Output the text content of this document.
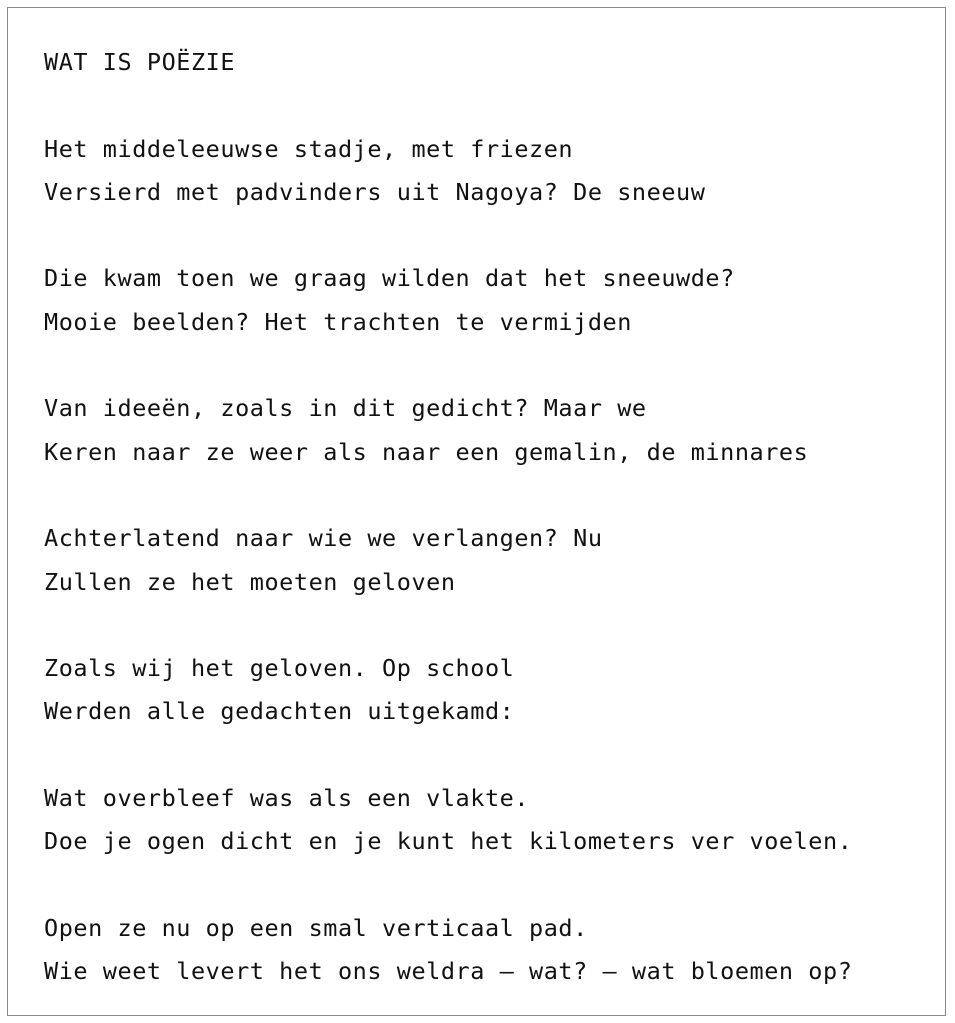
WAT IS POËZIE
Het middeleeuwse stadje, met friezen
Versierd met padvinders uit Nagoya? De sneeuw
Die kwam toen we graag wilden dat het sneeuwde?
Mooie beelden? Het trachten te vermijden
Van ideeën, zoals in dit gedicht? Maar we
Keren naar ze weer als naar een gemalin, de minnares
Achterlatend naar wie we verlangen? Nu
Zullen ze het moeten geloven
Zoals wij het geloven. Op school
Werden alle gedachten uitgekamd:
Wat overbleef was als een vlakte.
Doe je ogen dicht en je kunt het kilometers ver voelen.
Open ze nu op een smal verticaal pad.
Wie weet levert het ons weldra — wat? — wat bloemen op?
